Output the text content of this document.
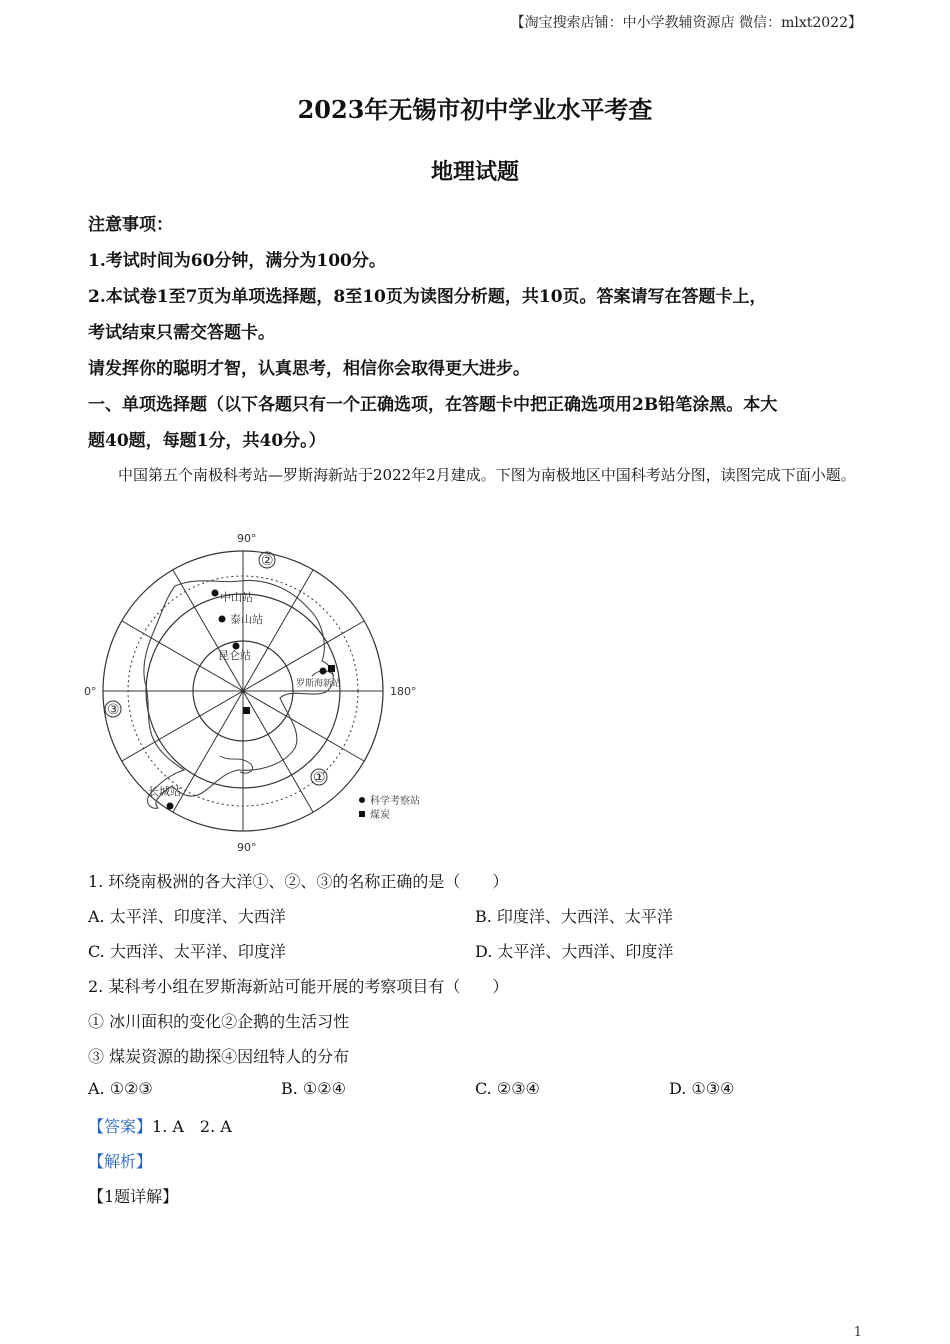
【淘宝搜索店铺：中小学教辅资源店 微信：mlxt2022】
2023年无锡市初中学业水平考查
地理试题
注意事项：
1.考试时间为60分钟，满分为100分。
2.本试卷1至7页为单项选择题，8至10页为读图分析题，共10页。答案请写在答题卡上，
考试结束只需交答题卡。
请发挥你的聪明才智，认真思考，相信你会取得更大进步。
一、单项选择题（以下各题只有一个正确选项，在答题卡中把正确选项用2B铅笔涂黑。本大
题40题，每题1分，共40分。）
中国第五个南极科考站—罗斯海新站于2022年2月建成。下图为南极地区中国科考站分图，读图完成下面小题。
90°
90°
0°	180°
②
③
①
中山站
泰山站
昆仑站
罗斯海新站
长城站
科学考察站
煤炭
1. 环绕南极洲的各大洋①、②、③的名称正确的是（　　）
A. 太平洋、印度洋、大西洋	B. 印度洋、大西洋、太平洋
C. 大西洋、太平洋、印度洋	D. 太平洋、大西洋、印度洋
2. 某科考小组在罗斯海新站可能开展的考察项目有（　　）
① 冰川面积的变化②企鹅的生活习性
③ 煤炭资源的勘探④因纽特人的分布
A. ①②③	B. ①②④	C. ②③④	D. ①③④
【答案】1. A　2. A
【解析】
【1题详解】
1
